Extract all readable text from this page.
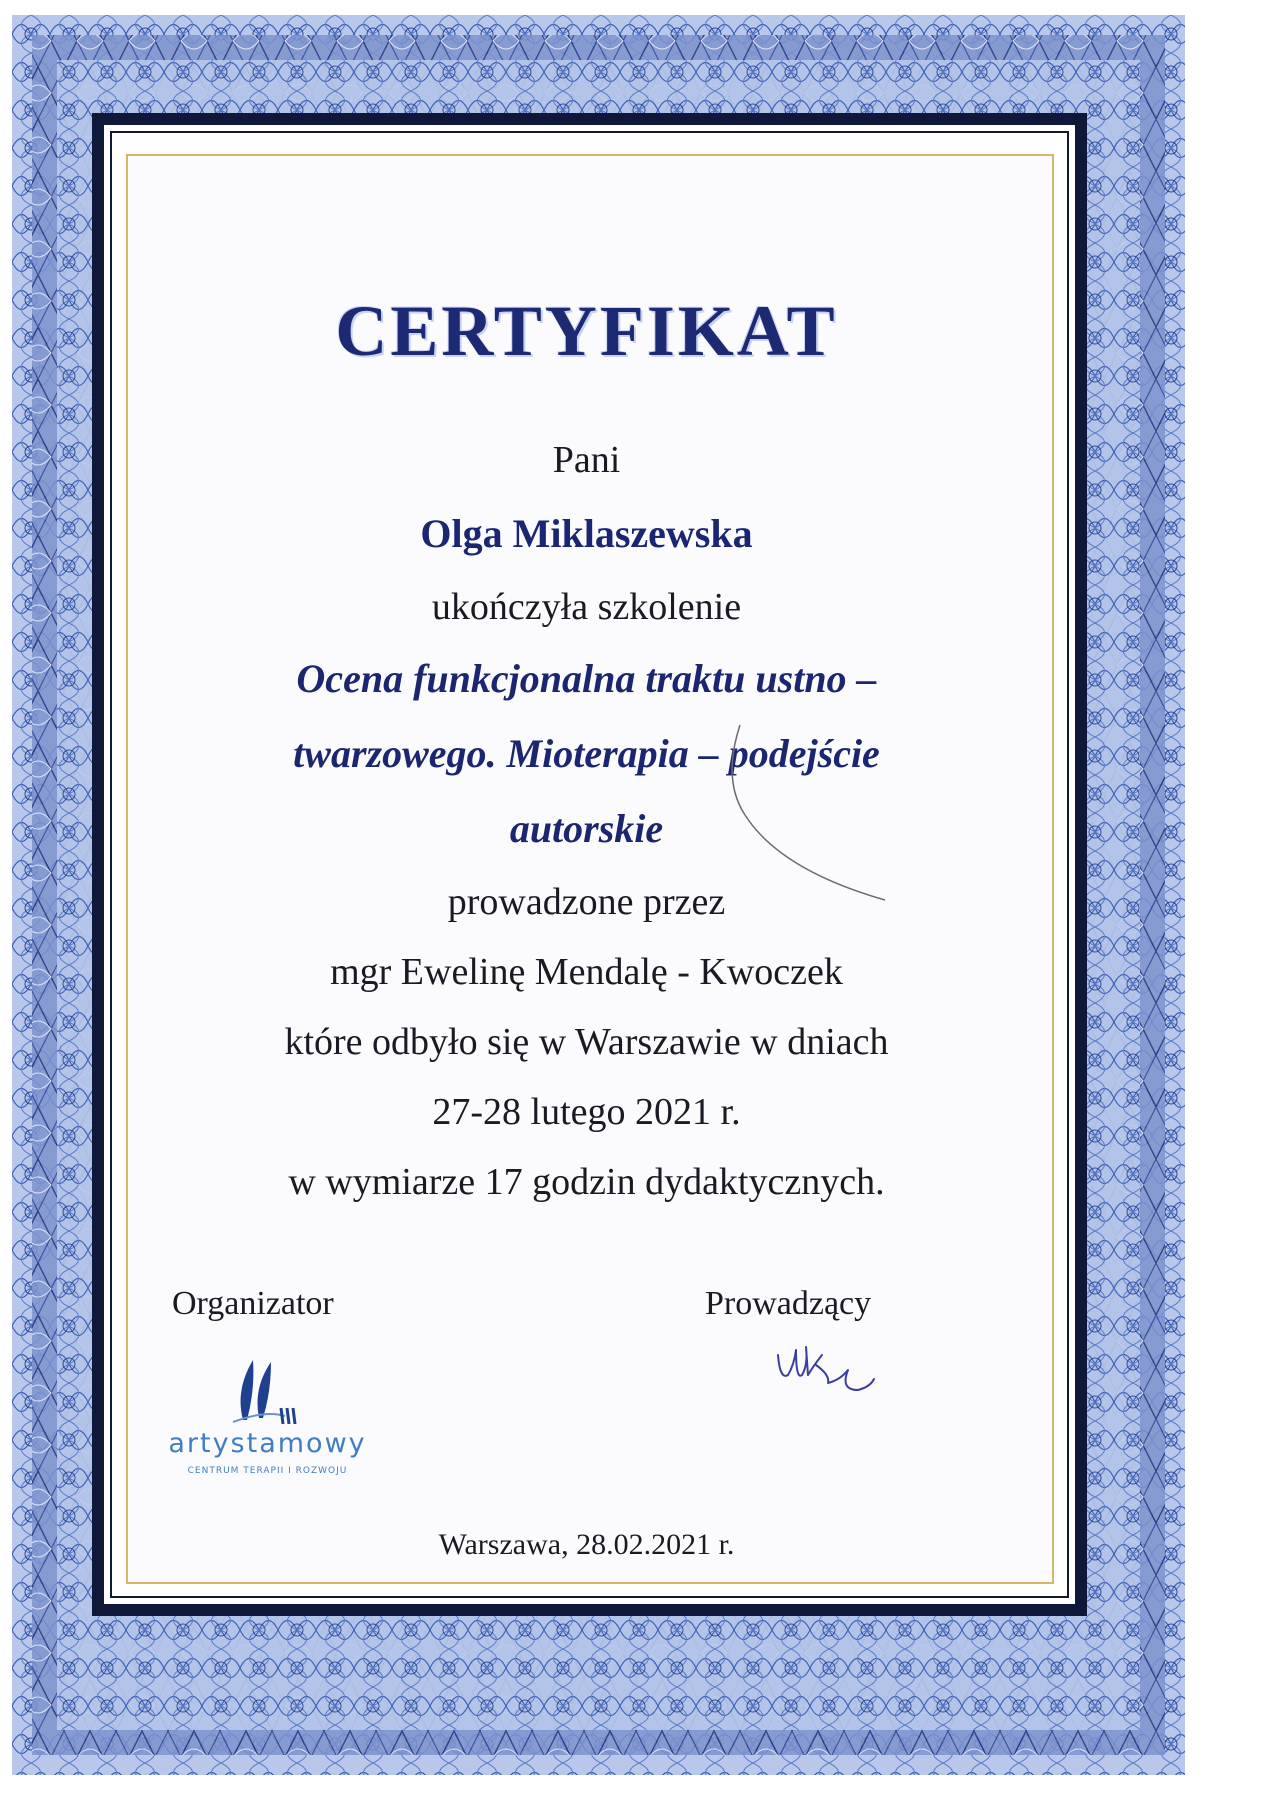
CERTYFIKAT
Pani
Olga Miklaszewska
ukończyła szkolenie
Ocena funkcjonalna traktu ustno –
twarzowego. Mioterapia – podejście
autorskie
prowadzone przez
mgr Ewelinę Mendalę - Kwoczek
które odbyło się w Warszawie w dniach
27-28 lutego 2021 r.
w wymiarze 17 godzin dydaktycznych.
Organizator	Prowadzący
artystamowy
CENTRUM TERAPII I ROZWOJU
Warszawa, 28.02.2021 r.
